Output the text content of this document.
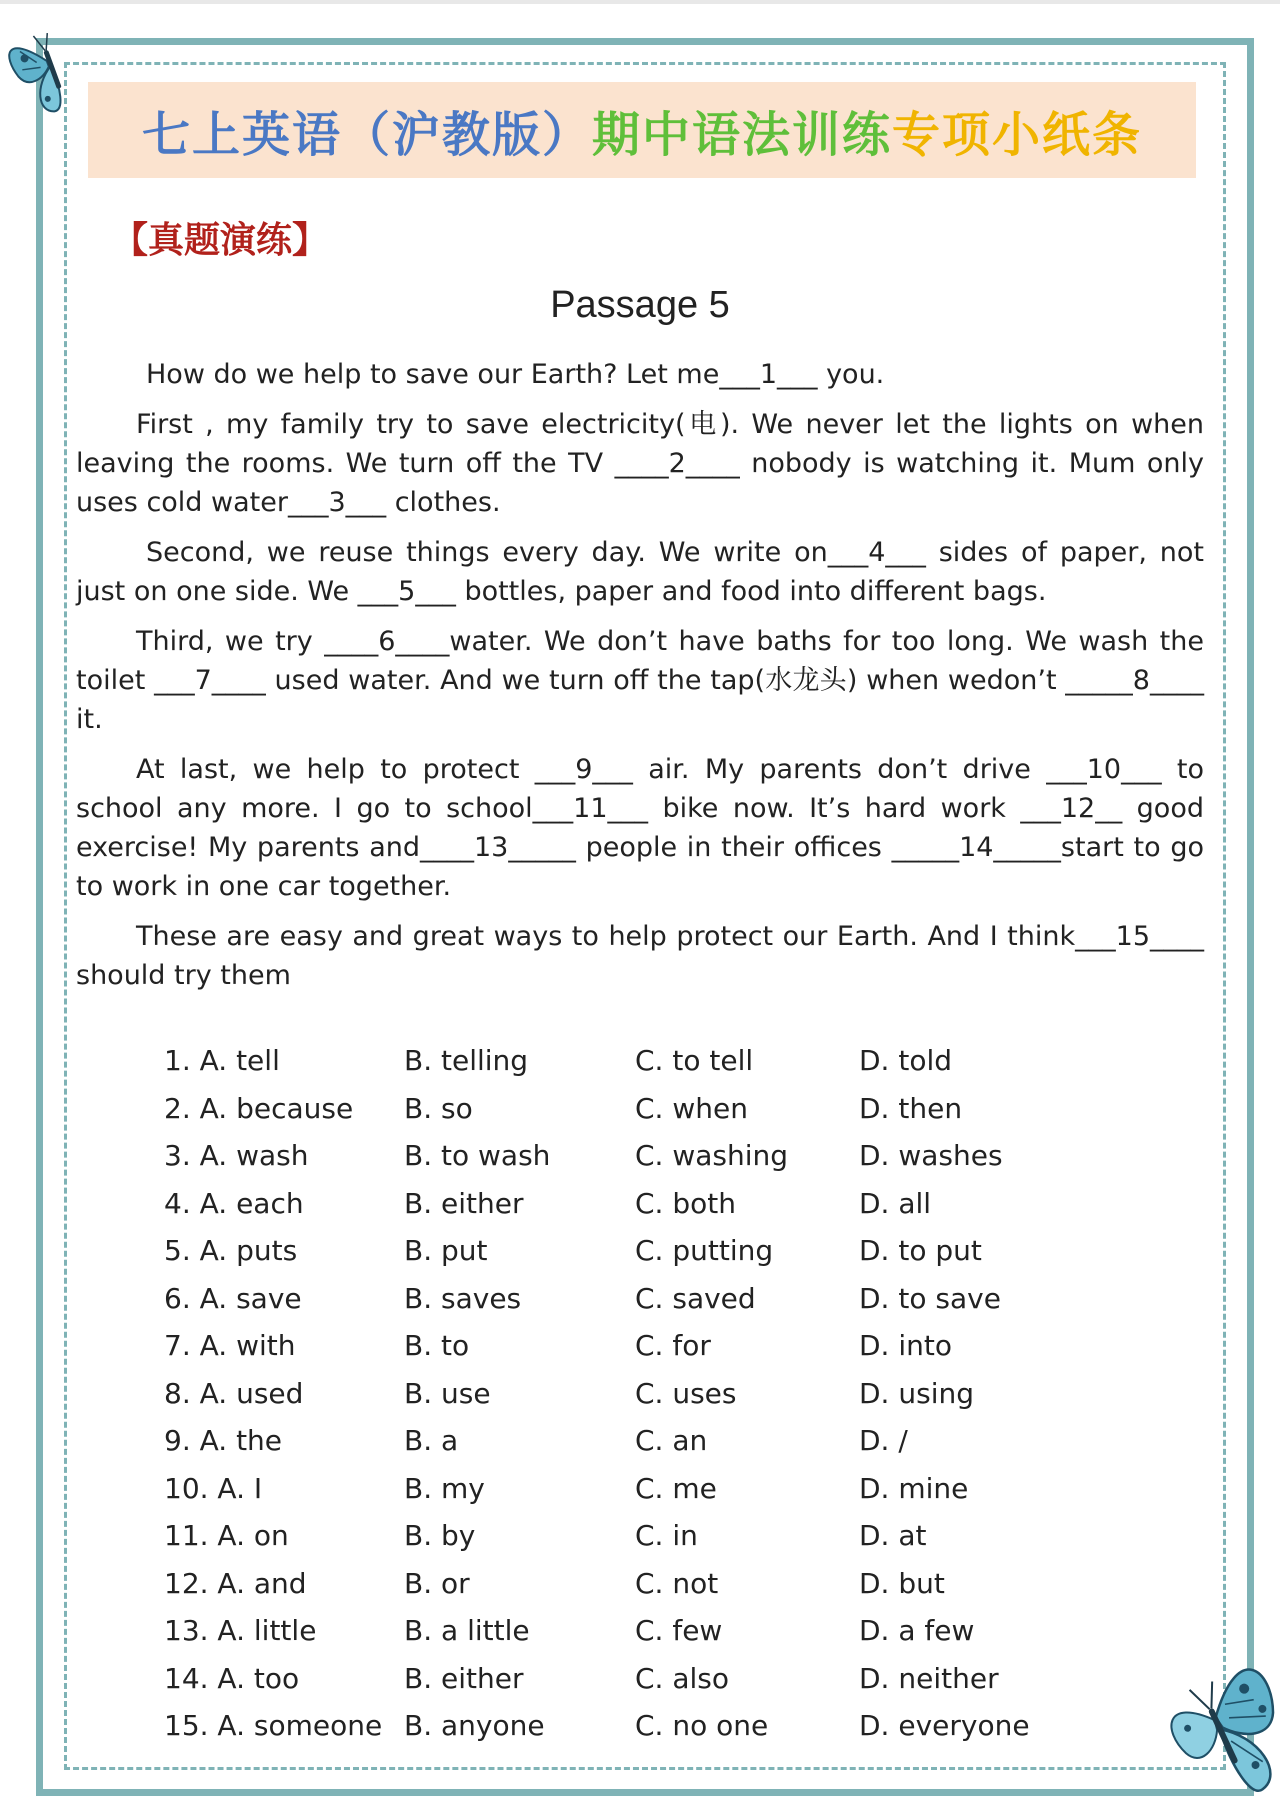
七上英语（沪教版） 期中语法训练 专项小纸条
【真题演练】
Passage 5

How do we help to save our Earth? Let me___1___ you.

First , my family try to save electricity(电). We never let the lights on when leaving the rooms. We turn off the TV ____2____ nobody is watching it. Mum only uses cold water___3___ clothes.

Second, we reuse things every day. We write on___4___ sides of paper, not just on one side. We ___5___ bottles, paper and food into different bags.

Third, we try ____6____water. We don’t have baths for too long. We wash the toilet ___7____ used water. And we turn off the tap(水龙头) when wedon’t _____8____ it.

At last, we help to protect ___9___ air. My parents don’t drive ___10___ to school any more. I go to school___11___ bike now. It’s hard work ___12__ good exercise! My parents and____13_____ people in their offices _____14_____start to go to work in one car together.

These are easy and great ways to help protect our Earth. And I think___15____ should try them

1. A. tell	B. telling	C. to tell	D. told
2. A. because	B. so	C. when	D. then
3. A. wash	B. to wash	C. washing	D. washes
4. A. each	B. either	C. both	D. all
5. A. puts	B. put	C. putting	D. to put
6. A. save	B. saves	C. saved	D. to save
7. A. with	B. to	C. for	D. into
8. A. used	B. use	C. uses	D. using
9. A. the	B. a	C. an	D. /
10. A. I	B. my	C. me	D. mine
11. A. on	B. by	C. in	D. at
12. A. and	B. or	C. not	D. but
13. A. little	B. a little	C. few	D. a few
14. A. too	B. either	C. also	D. neither
15. A. someone B. anyone	C. no one	D. everyone
